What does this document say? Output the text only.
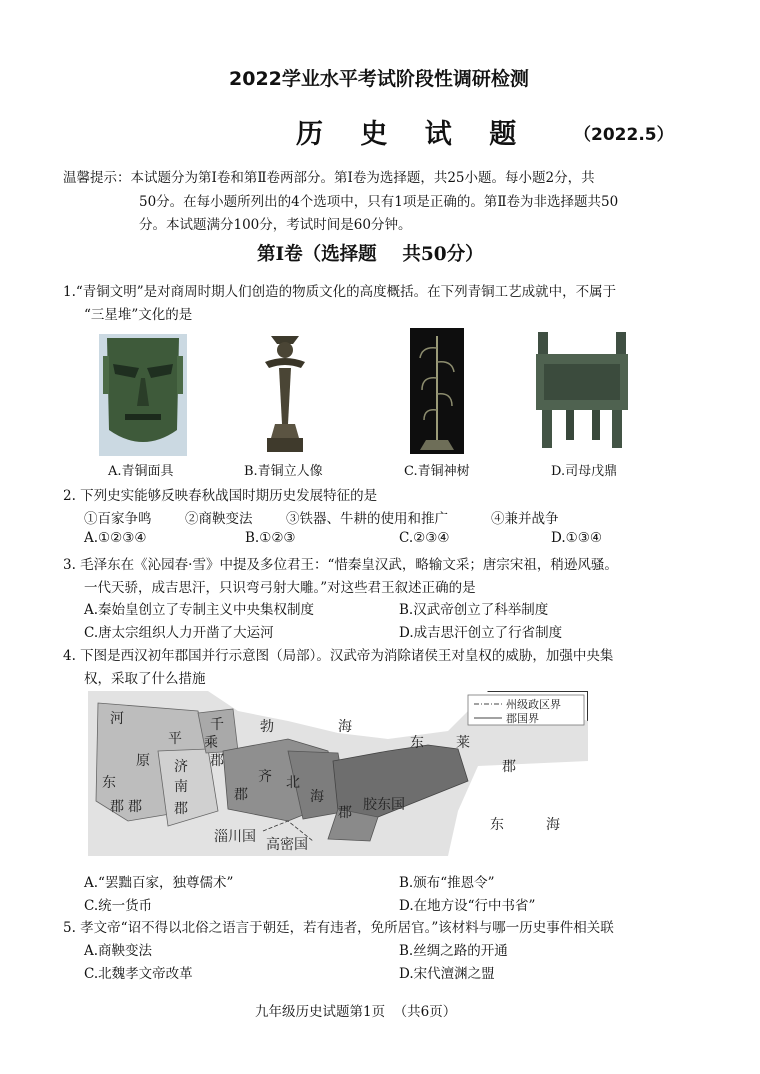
2022学业水平考试阶段性调研检测
历 史 试 题	（2022.5）
温馨提示：本试题分为第Ⅰ卷和第Ⅱ卷两部分。第Ⅰ卷为选择题，共25小题。每小题2分，共
50分。在每小题所列出的4个选项中，只有1项是正确的。第Ⅱ卷为非选择题共50
分。本试题满分100分，考试时间是60分钟。
第Ⅰ卷（选择题    共50分）
1.“青铜文明”是对商周时期人们创造的物质文化的高度概括。在下列青铜工艺成就中，不属于
“三星堆”文化的是
A.青铜面具	B.青铜立人像	C.青铜神树	D.司母戊鼎
2. 下列史实能够反映春秋战国时期历史发展特征的是
①百家争鸣 ②商鞅变法 ③铁器、牛耕的使用和推广	④兼并战争
A.①②③④	B.①②③	C.②③④	D.①③④
3. 毛泽东在《沁园春·雪》中提及多位君王：“惜秦皇汉武，略输文采；唐宗宋祖，稍逊风骚。
一代天骄，成吉思汗，只识弯弓射大雕。”对这些君王叙述正确的是
A.秦始皇创立了专制主义中央集权制度	B.汉武帝创立了科举制度
C.唐太宗组织人力开凿了大运河	D.成吉思汗创立了行省制度
4. 下图是西汉初年郡国并行示意图（局部）。汉武帝为消除诸侯王对皇权的威胁，加强中央集
权，采取了什么措施
州级政区界
郡国界
河
平
原
东
郡
郡
济
南
郡
千
乘
郡
齐
郡
北
海
郡
勃	海
胶东国
东 莱
郡
东	海
淄川国 高密国
A.“罢黜百家，独尊儒术”	B.颁布“推恩令”
C.统一货币	D.在地方设“行中书省”
5. 孝文帝“诏不得以北俗之语言于朝廷，若有违者，免所居官。”该材料与哪一历史事件相关联
A.商鞅变法	B.丝绸之路的开通
C.北魏孝文帝改革	D.宋代澶渊之盟
九年级历史试题第1页  （共6页）
